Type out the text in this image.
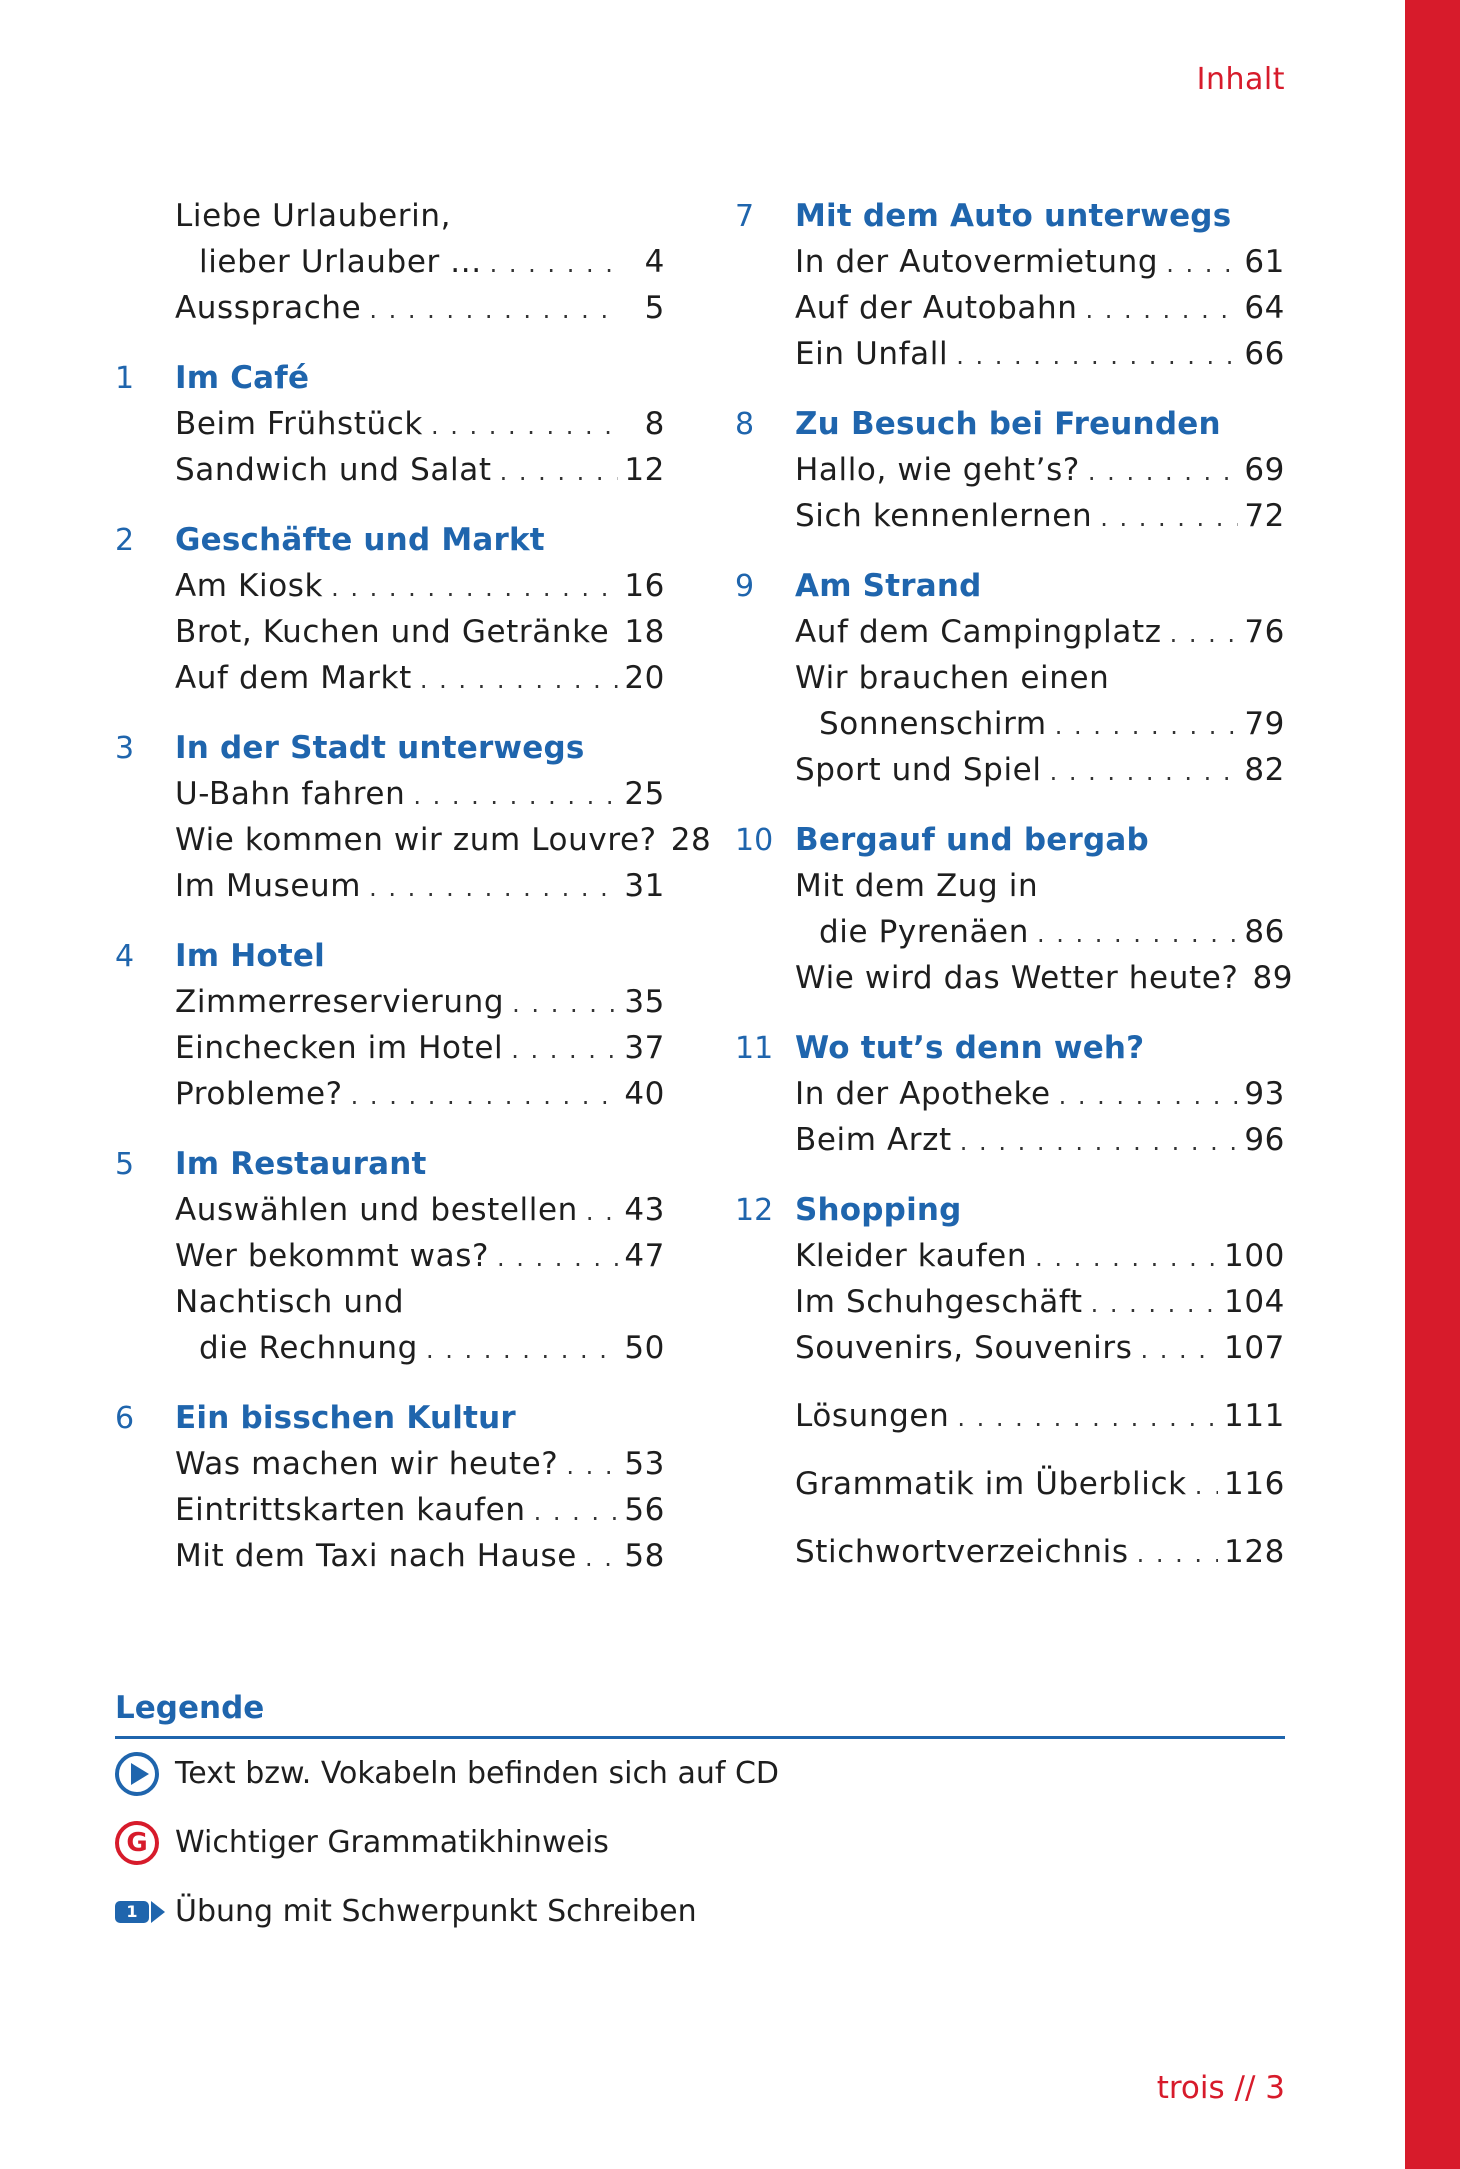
Inhalt
Liebe Urlauberin,
lieber Urlauber ... . . .	4
Aussprache . . .	5
1	Im Café
Beim Frühstück . . .	8
Sandwich und Salat . . .	12
2	Geschäfte und Markt
Am Kiosk . . .	16
Brot, Kuchen und Getränke . . . 18
Auf dem Markt . . .	20
3	In der Stadt unterwegs
U-Bahn fahren . . .	25
Wie kommen wir zum Louvre? 28
Im Museum . . .	31
4	Im Hotel
Zimmerreservierung . . .	35
Einchecken im Hotel . . .	37
Probleme? . . .	40
5	Im Restaurant
Auswählen und bestellen . . . 43
Wer bekommt was? . . .	47
Nachtisch und
die Rechnung . . .	50
6	Ein bisschen Kultur
Was machen wir heute? . . . 53
Eintrittskarten kaufen . . .	56
Mit dem Taxi nach Hause . . . 58
7	Mit dem Auto unterwegs
In der Autovermietung . . .	61
Auf der Autobahn . . .	64
Ein Unfall . . .	66
8	Zu Besuch bei Freunden
Hallo, wie geht’s? . . .	69
Sich kennenlernen . . .	72
9	Am Strand
Auf dem Campingplatz . . .	76
Wir brauchen einen
Sonnenschirm . . .	79
Sport und Spiel . . .	82
10 Bergauf und bergab
Mit dem Zug in
die Pyrenäen . . .	86
Wie wird das Wetter heute? 89
11 Wo tut’s denn weh?
In der Apotheke . . .	93
Beim Arzt . . .	96
12 Shopping
Kleider kaufen . . .	100
Im Schuhgeschäft . . .	104
Souvenirs, Souvenirs . . .	107
Lösungen . . .	111
Grammatik im Überblick . . . 116
Stichwortverzeichnis . . .	128
Legende
Text bzw. Vokabeln befinden sich auf CD
G Wichtiger Grammatikhinweis
1	Übung mit Schwerpunkt Schreiben
trois // 3
